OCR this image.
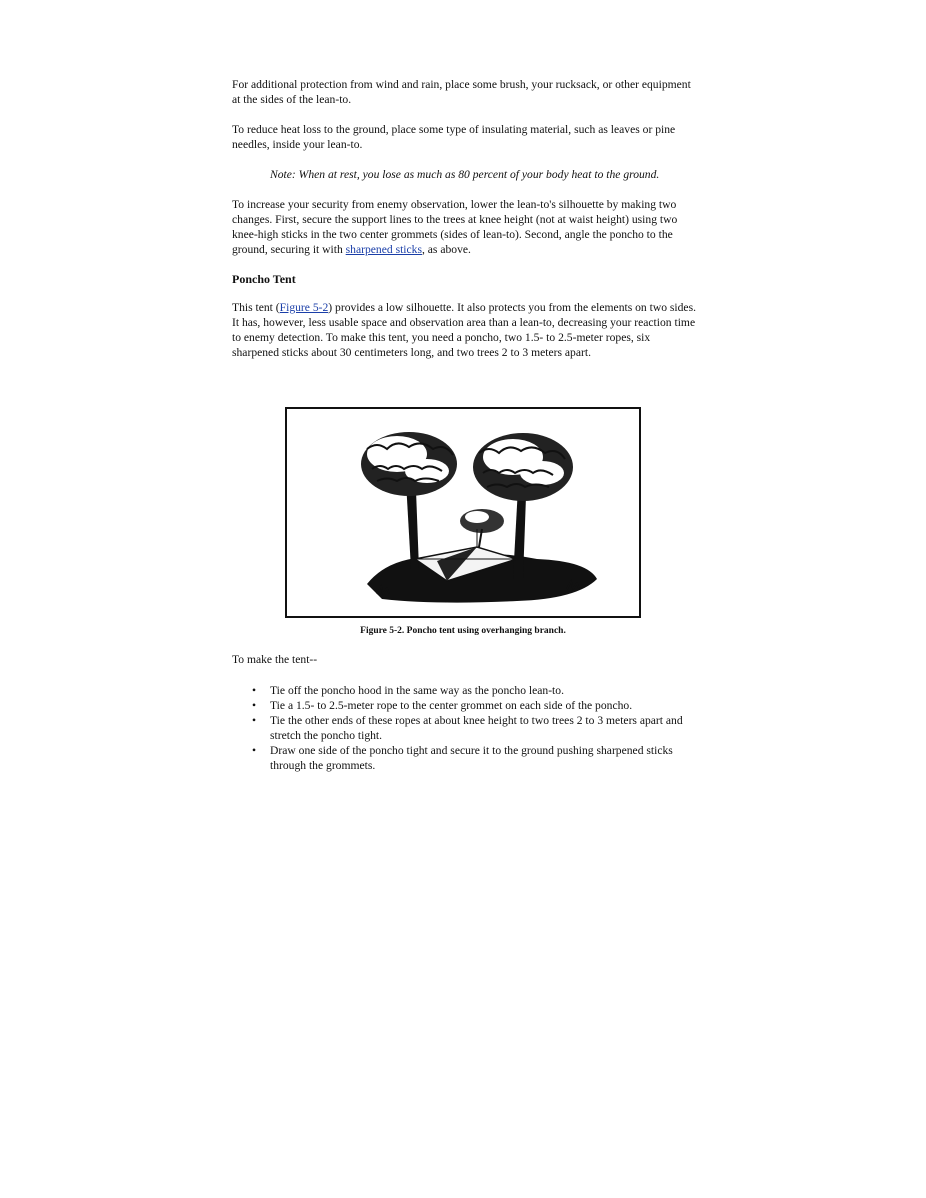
For additional protection from wind and rain, place some brush, your rucksack, or other equipment at the sides of the lean-to.

To reduce heat loss to the ground, place some type of insulating material, such as leaves or pine needles, inside your lean-to.

Note: When at rest, you lose as much as 80 percent of your body heat to the ground.

To increase your security from enemy observation, lower the lean-to's silhouette by making two changes. First, secure the support lines to the trees at knee height (not at waist height) using two knee-high sticks in the two center grommets (sides of lean-to). Second, angle the poncho to the ground, securing it with sharpened sticks, as above.

Poncho Tent

This tent (Figure 5-2) provides a low silhouette. It also protects you from the elements on two sides. It has, however, less usable space and observation area than a lean-to, decreasing your reaction time to enemy detection. To make this tent, you need a poncho, two 1.5- to 2.5-meter ropes, six sharpened sticks about 30 centimeters long, and two trees 2 to 3 meters apart.

Figure 5-2. Poncho tent using overhanging branch.

To make the tent--

• Tie off the poncho hood in the same way as the poncho lean-to.
• Tie a 1.5- to 2.5-meter rope to the center grommet on each side of the poncho.
• Tie the other ends of these ropes at about knee height to two trees 2 to 3 meters apart and stretch the poncho tight.
• Draw one side of the poncho tight and secure it to the ground pushing sharpened sticks through the grommets.
